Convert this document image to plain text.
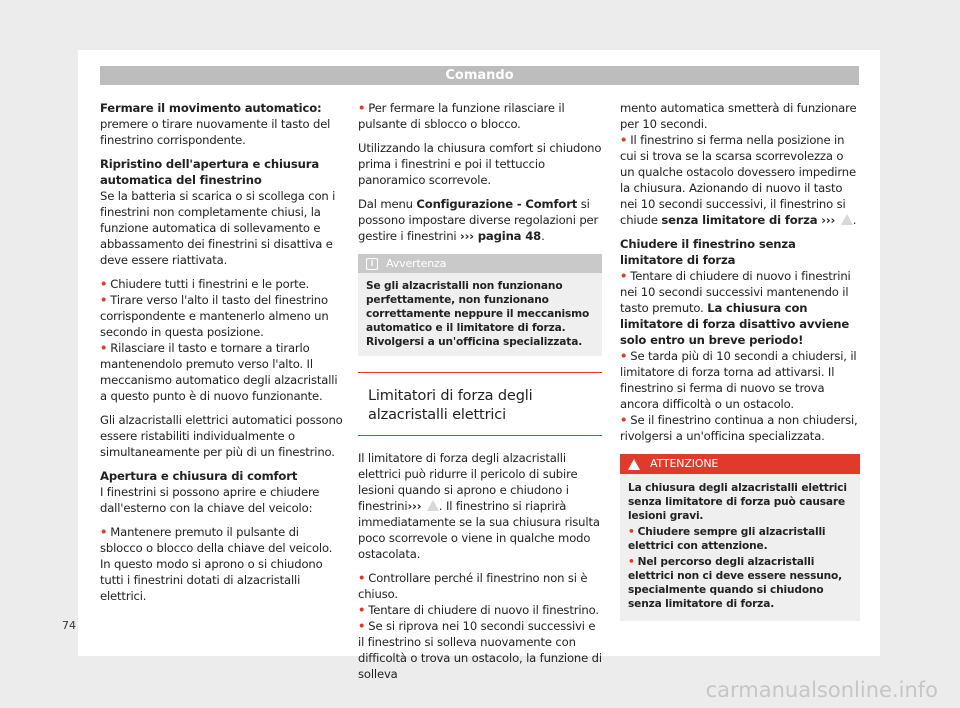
Comando

Fermare il movimento automatico: premere o tirare nuovamente il tasto del finestrino corrispondente.

Ripristino dell'apertura e chiusura automatica del finestrino

Se la batteria si scarica o si scollega con i finestrini non completamente chiusi, la funzione automatica di sollevamento e abbassamento dei finestrini si disattiva e deve essere riattivata.

• Chiudere tutti i finestrini e le porte.

• Tirare verso l'alto il tasto del finestrino corrispondente e mantenerlo almeno un secondo in questa posizione.

• Rilasciare il tasto e tornare a tirarlo mantenendolo premuto verso l'alto. Il meccanismo automatico degli alzacristalli a questo punto è di nuovo funzionante.

Gli alzacristalli elettrici automatici possono essere ristabiliti individualmente o simultaneamente per più di un finestrino.

Apertura e chiusura di comfort

I finestrini si possono aprire e chiudere dall'esterno con la chiave del veicolo:

• Mantenere premuto il pulsante di sblocco o blocco della chiave del veicolo. In questo modo si aprono o si chiudono tutti i finestrini dotati di alzacristalli elettrici.

• Per fermare la funzione rilasciare il pulsante di sblocco o blocco.

Utilizzando la chiusura comfort si chiudono prima i finestrini e poi il tettuccio panoramico scorrevole.

Dal menu Configurazione - Comfort si possono impostare diverse regolazioni per gestire i finestrini ››› pagina 48.

i	Avvertenza
Se gli alzacristalli non funzionano perfettamente, non funzionano correttamente neppure il meccanismo automatico e il limitatore di forza. Rivolgersi a un'officina specializzata.
Limitatori di forza degli alzacristalli elettrici

Il limitatore di forza degli alzacristalli elettrici può ridurre il pericolo di subire lesioni quando si aprono e chiudono i finestrini››› . Il finestrino si riaprirà immediatamente se la sua chiusura risulta poco scorrevole o viene in qualche modo ostacolata.

• Controllare perché il finestrino non si è chiuso.

• Tentare di chiudere di nuovo il finestrino.

• Se si riprova nei 10 secondi successivi e il finestrino si solleva nuovamente con difficoltà o trova un ostacolo, la funzione di solleva

mento automatica smetterà di funzionare per 10 secondi.

• Il finestrino si ferma nella posizione in cui si trova se la scarsa scorrevolezza o un qualche ostacolo dovessero impedirne la chiusura. Azionando di nuovo il tasto nei 10 secondi successivi, il finestrino si chiude senza limitatore di forza ››› .

Chiudere il finestrino senza limitatore di forza

• Tentare di chiudere di nuovo i finestrini nei 10 secondi successivi mantenendo il tasto premuto. La chiusura con limitatore di forza disattivo avviene solo entro un breve periodo!

• Se tarda più di 10 secondi a chiudersi, il limitatore di forza torna ad attivarsi. Il finestrino si ferma di nuovo se trova ancora difficoltà o un ostacolo.

• Se il finestrino continua a non chiudersi, rivolgersi a un'officina specializzata.

ATTENZIONE

La chiusura degli alzacristalli elettrici senza limitatore di forza può causare lesioni gravi.

• Chiudere sempre gli alzacristalli elettrici con attenzione.

• Nel percorso degli alzacristalli elettrici non ci deve essere nessuno, specialmente quando si chiudono senza limitatore di forza.

74
carmanualsonline.info
